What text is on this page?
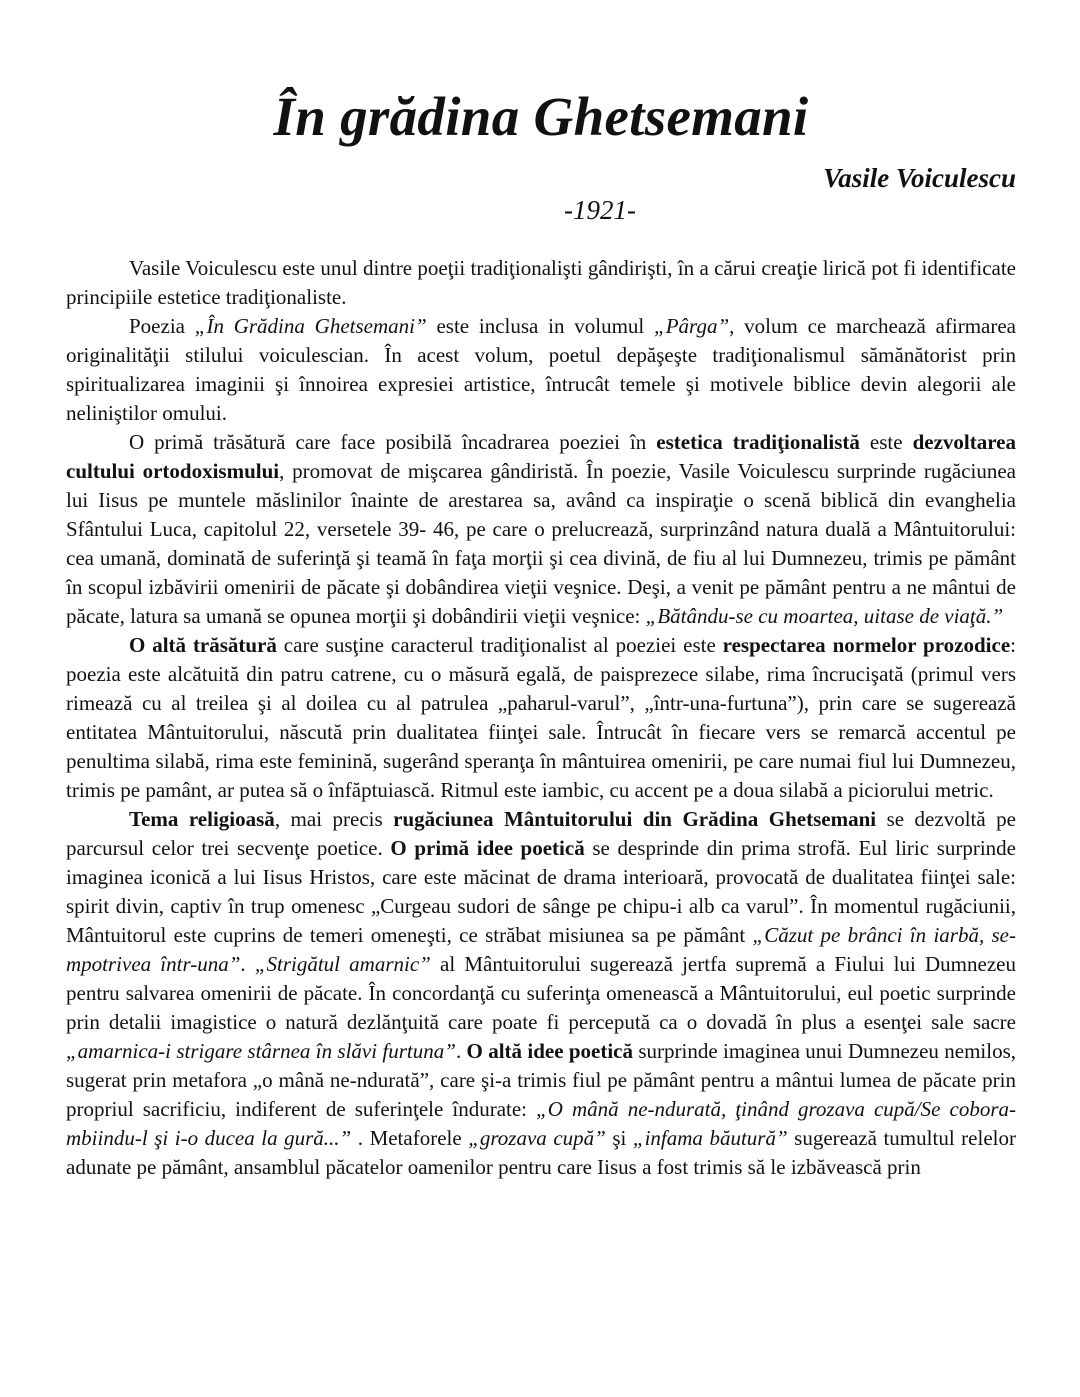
În grădina Ghetsemani
Vasile Voiculescu
-1921-

Vasile Voiculescu este unul dintre poeţii tradiţionalişti gândirişti, în a cărui creaţie lirică pot fi identificate principiile estetice tradiţionaliste.

Poezia „În Grădina Ghetsemani” este inclusa in volumul „Pârga”, volum ce marchează afirmarea originalităţii stilului voiculescian. În acest volum, poetul depăşeşte tradiţionalismul sămănătorist prin spiritualizarea imaginii şi înnoirea expresiei artistice, întrucât temele şi motivele biblice devin alegorii ale neliniştilor omului.

O primă trăsătură care face posibilă încadrarea poeziei în estetica tradiţionalistă este dezvoltarea cultului ortodoxismului, promovat de mişcarea gândiristă. În poezie, Vasile Voiculescu surprinde rugăciunea lui Iisus pe muntele măslinilor înainte de arestarea sa, având ca inspiraţie o scenă biblică din evanghelia Sfântului Luca, capitolul 22, versetele 39- 46, pe care o prelucrează, surprinzând natura duală a Mântuitorului: cea umană, dominată de suferinţă şi teamă în faţa morţii şi cea divină, de fiu al lui Dumnezeu, trimis pe pământ în scopul izbăvirii omenirii de păcate şi dobândirea vieţii veşnice. Deşi, a venit pe pământ pentru a ne mântui de păcate, latura sa umană se opunea morţii şi dobândirii vieţii veşnice: „Bătându-se cu moartea, uitase de viaţă.”

O altă trăsătură care susţine caracterul tradiţionalist al poeziei este respectarea normelor prozodice: poezia este alcătuită din patru catrene, cu o măsură egală, de paisprezece silabe, rima încrucişată (primul vers rimează cu al treilea şi al doilea cu al patrulea „paharul-varul”, „într-una-furtuna”), prin care se sugerează entitatea Mântuitorului, născută prin dualitatea fiinţei sale. Întrucât în fiecare vers se remarcă accentul pe penultima silabă, rima este feminină, sugerând speranţa în mântuirea omenirii, pe care numai fiul lui Dumnezeu, trimis pe pamânt, ar putea să o înfăptuiască. Ritmul este iambic, cu accent pe a doua silabă a piciorului metric.

Tema religioasă, mai precis rugăciunea Mântuitorului din Grădina Ghetsemani se dezvoltă pe parcursul celor trei secvenţe poetice. O primă idee poetică se desprinde din prima strofă. Eul liric surprinde imaginea iconică a lui Iisus Hristos, care este măcinat de drama interioară, provocată de dualitatea fiinţei sale: spirit divin, captiv în trup omenesc „Curgeau sudori de sânge pe chipu-i alb ca varul”. În momentul rugăciunii, Mântuitorul este cuprins de temeri omeneşti, ce străbat misiunea sa pe pământ „Căzut pe brânci în iarbă, se-mpotrivea într-una”. „Strigătul amarnic” al Mântuitorului sugerează jertfa supremă a Fiului lui Dumnezeu pentru salvarea omenirii de păcate. În concordanţă cu suferinţa omenească a Mântuitorului, eul poetic surprinde prin detalii imagistice o natură dezlănţuită care poate fi percepută ca o dovadă în plus a esenţei sale sacre „amarnica-i strigare stârnea în slăvi furtuna”. O altă idee poetică surprinde imaginea unui Dumnezeu nemilos, sugerat prin metafora „o mână ne-ndurată”, care şi-a trimis fiul pe pământ pentru a mântui lumea de păcate prin propriul sacrificiu, indiferent de suferinţele îndurate: „O mână ne-ndurată, ţinând grozava cupă/Se cobora-mbiindu-l şi i-o ducea la gură...” . Metaforele „grozava cupă” şi „infama băutură” sugerează tumultul relelor adunate pe pământ, ansamblul păcatelor oamenilor pentru care Iisus a fost trimis să le izbăvească prin
